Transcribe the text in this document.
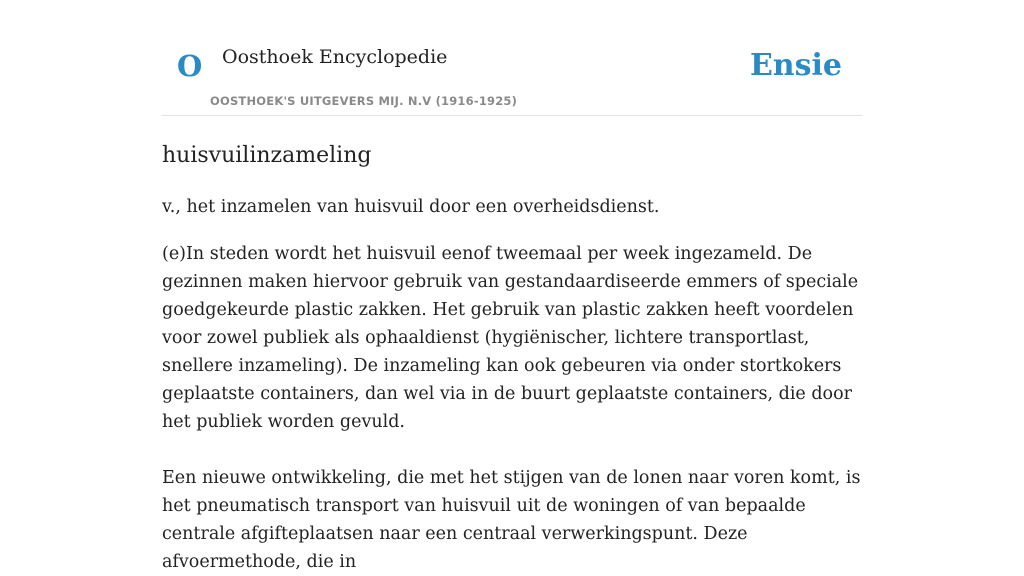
O Oosthoek Encyclopedie
OOSTHOEK'S UITGEVERS MIJ. N.V (1916-1925)
Ensie
huisvuilinzameling

v., het inzamelen van huisvuil door een overheidsdienst.

(e)In steden wordt het huisvuil eenof tweemaal per week ingezameld. De gezinnen maken hiervoor gebruik van gestandaardiseerde emmers of speciale goedgekeurde plastic zakken. Het gebruik van plastic zakken heeft voordelen voor zowel publiek als ophaaldienst (hygiënischer, lichtere transportlast, snellere inzameling). De inzameling kan ook gebeuren via onder stortkokers geplaatste containers, dan wel via in de buurt geplaatste containers, die door het publiek worden gevuld.

Een nieuwe ontwikkeling, die met het stijgen van de lonen naar voren komt, is het pneumatisch transport van huisvuil uit de woningen of van bepaalde centrale afgifteplaatsen naar een centraal verwerkingspunt. Deze afvoermethode, die in
